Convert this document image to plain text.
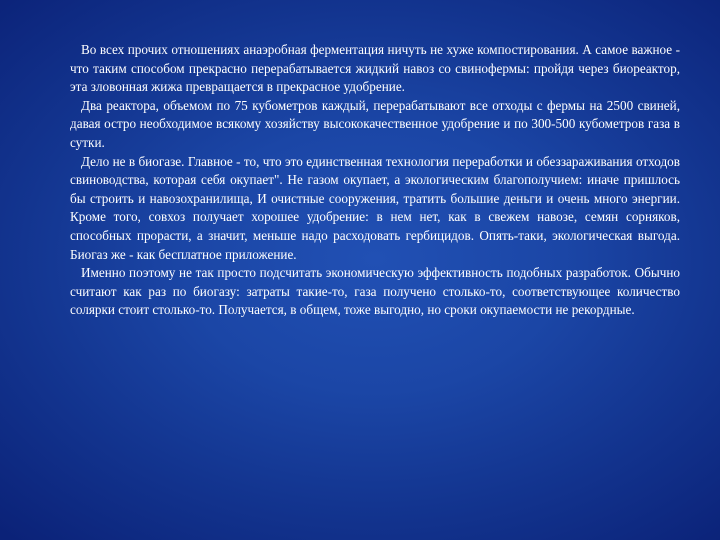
Во всех прочих отношениях анаэробная ферментация ничуть не хуже компостирования. А самое важное - что таким способом прекрасно перерабатывается жидкий навоз со свинофермы: пройдя через биореактор, эта зловонная жижа превращается в прекрасное удобрение.

Два реактора, объемом по 75 кубометров каждый, перерабатывают все отходы с фермы на 2500 свиней, давая остро необходимое всякому хозяйству высококачественное удобрение и по 300-500 кубометров газа в сутки.

Дело не в биогазе. Главное - то, что это единственная технология переработки и обеззараживания отходов свиноводства, которая себя окупает". Не газом окупает, а экологическим благополучием: иначе пришлось бы строить и навозохранилища, И очистные сооружения, тратить большие деньги и очень много энергии. Кроме того, совхоз получает хорошее удобрение: в нем нет, как в свежем навозе, семян сорняков, способных прорасти, а значит, меньше надо расходовать гербицидов. Опять-таки, экологическая выгода. Биогаз же - как бесплатное приложение.

Именно поэтому не так просто подсчитать экономическую эффективность подобных разработок. Обычно считают как раз по биогазу: затраты такие-то, газа получено столько-то, соответствующее количество солярки стоит столько-то. Получается, в общем, тоже выгодно, но сроки окупаемости не рекордные.
